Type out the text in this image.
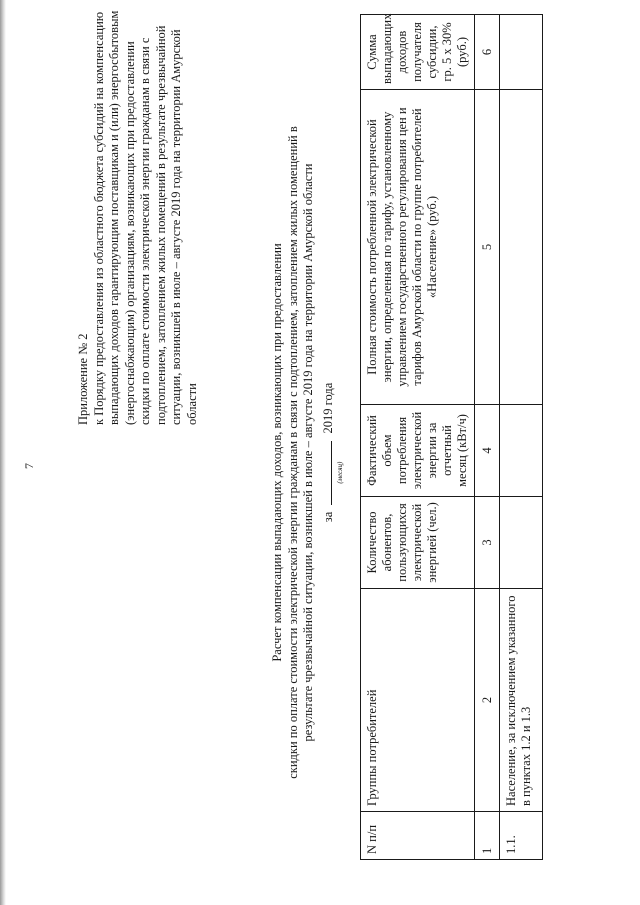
7
Приложение № 2 к Порядку предоставления из областного бюджета субсидий на компенсацию выпадающих доходов гарантирующим поставщикам и (или) энергосбытовым (энергоснабжающим) организациям, возникающих при предоставлении скидки по оплате стоимости электрической энергии гражданам в связи с подтоплением, затоплением жилых помещений в результате чрезвычайной ситуации, возникшей в июле – августе 2019 года на территории Амурской области	Расчет компенсации выпадающих доходов, возникающих при предоставлении скидки по оплате стоимости электрической энергии гражданам в связи с подтоплением, затоплением жилых помещений в результате чрезвычайной ситуации, возникшей в июле – августе 2019 года на территории Амурской области за
(месяц)
2019 года
N п/п	Группы потребителей	Количество абонентов, пользующихся электрической энергией (чел.)	Фактический объем потребления электрической энергии за отчетный месяц (кВт/ч)	Полная стоимость потребленной электрической энергии, определенная по тарифу, установленному управлением государственного регулирования цен и тарифов Амурской области по группе потребителей «Население» (руб.)	Сумма выпадающих доходов получателя субсидии, гр. 5 х 30% (руб.)
1	2	3	4	5	6
1.1.	Население, за исключением указанного в пунктах 1.2 и 1.3				
